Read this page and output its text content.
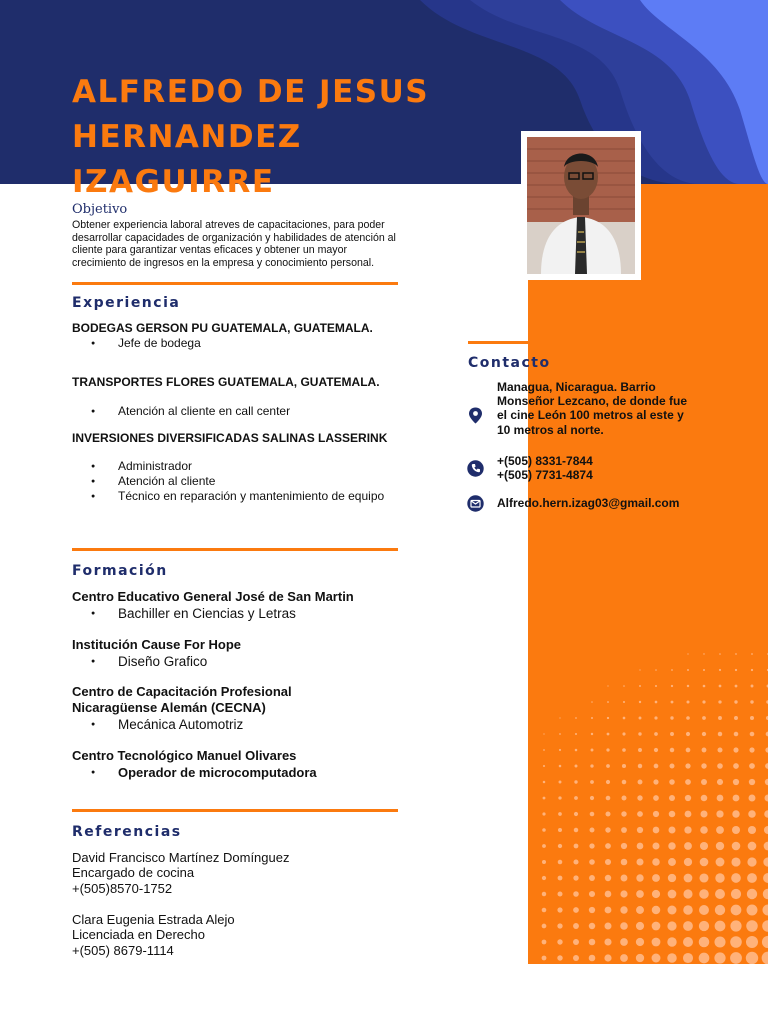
ALFREDO DE JESUS
HERNANDEZ
IZAGUIRRE
Objetivo
Obtener experiencia laboral atreves de capacitaciones, para poder desarrollar capacidades de organización y habilidades de atención al cliente para garantizar ventas eficaces y obtener un mayor crecimiento de ingresos en la empresa y conocimiento personal.
Experiencia
BODEGAS GERSON PU GUATEMALA, GUATEMALA.
● Jefe de bodega
TRANSPORTES FLORES GUATEMALA, GUATEMALA.
● Atención al cliente en call center
INVERSIONES DIVERSIFICADAS SALINAS LASSERINK
● Administrador
● Atención al cliente
● Técnico en reparación y mantenimiento de equipo
Formación
Centro Educativo General José de San Martin
● Bachiller en Ciencias y Letras
Institución Cause For Hope
● Diseño Grafico
Centro de Capacitación Profesional Nicaragüense Alemán (CECNA)
● Mecánica Automotriz
Centro Tecnológico Manuel Olivares
● Operador de microcomputadora
Referencias
David Francisco Martínez Domínguez
Encargado de cocina
+(505)8570-1752
Clara Eugenia Estrada Alejo
Licenciada en Derecho
+(505) 8679-1114
Contacto
Managua, Nicaragua. Barrio Monseñor Lezcano, de donde fue el cine León 100 metros al este y 10 metros al norte.
+(505) 8331-7844
+(505) 7731-4874
Alfredo.hern.izag03@gmail.com
